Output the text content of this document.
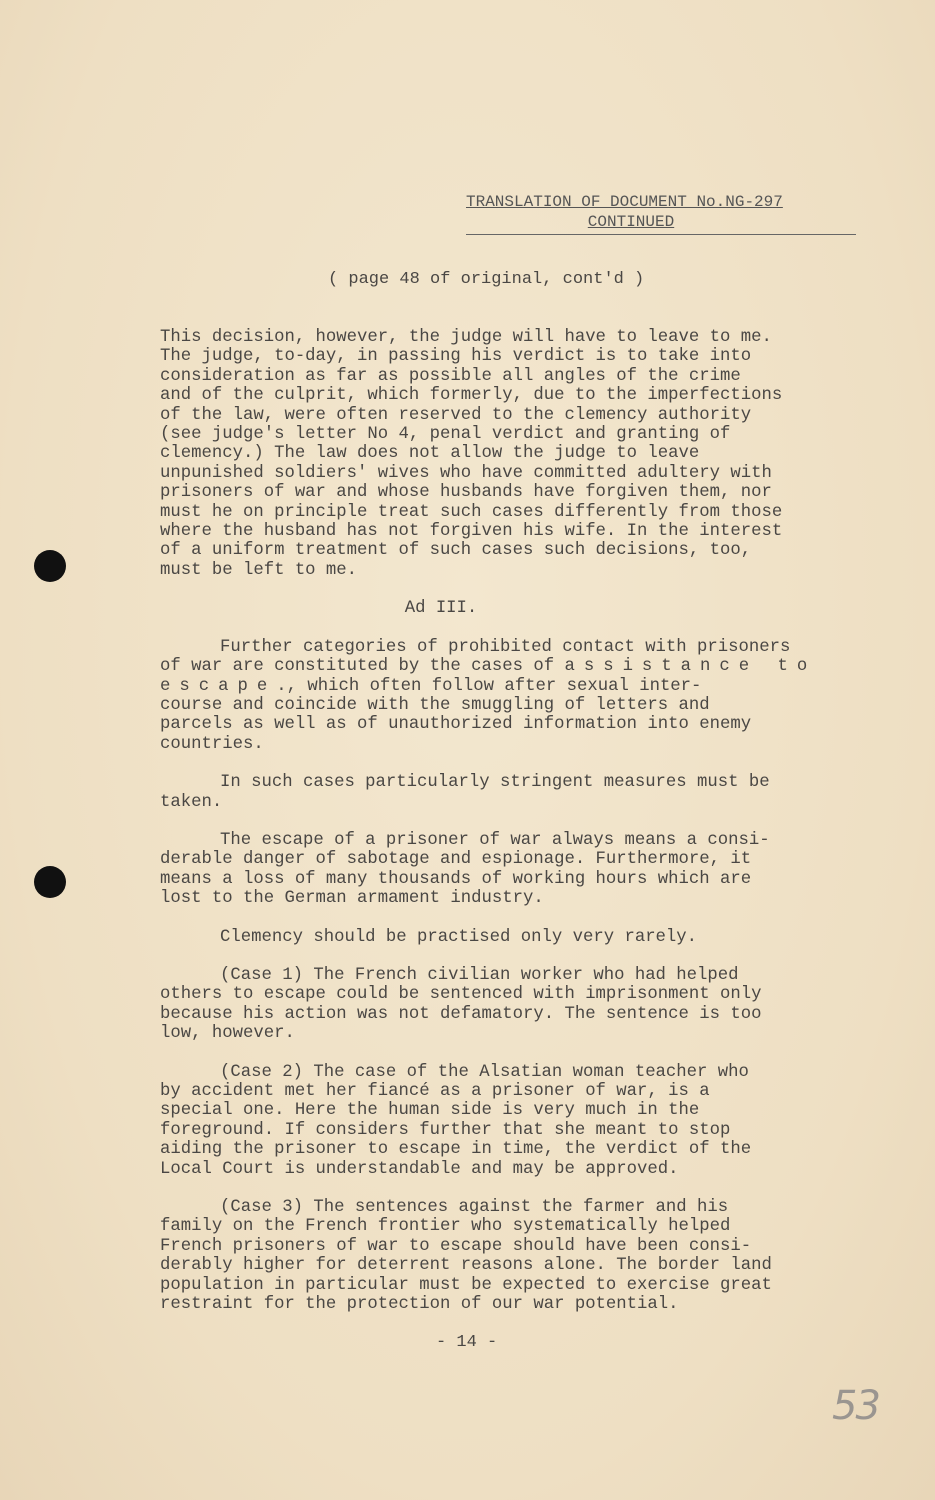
TRANSLATION OF DOCUMENT No.NG-297
CONTINUED
( page 48 of original, cont'd )

This decision, however, the judge will have to leave to me.
The judge, to-day, in passing his verdict is to take into
consideration as far as possible all angles of the crime
and of the culprit, which formerly, due to the imperfections
of the law, were often reserved to the clemency authority
(see judge's letter No 4, penal verdict and granting of
clemency.) The law does not allow the judge to leave
unpunished soldiers' wives who have committed adultery with
prisoners of war and whose husbands have forgiven them, nor
must he on principle treat such cases differently from those
where the husband has not forgiven his wife. In the interest
of a uniform treatment of such cases such decisions, too,
must be left to me.

Ad III.

Further categories of prohibited contact with prisoners
of war are constituted by the cases of assistance to escape., which often follow after sexual inter-
course and coincide with the smuggling of letters and
parcels as well as of unauthorized information into enemy
countries.

In such cases particularly stringent measures must be
taken.

The escape of a prisoner of war always means a consi-
derable danger of sabotage and espionage. Furthermore, it
means a loss of many thousands of working hours which are
lost to the German armament industry.

Clemency should be practised only very rarely.

(Case 1) The French civilian worker who had helped
others to escape could be sentenced with imprisonment only
because his action was not defamatory. The sentence is too
low, however.

(Case 2) The case of the Alsatian woman teacher who
by accident met her fiancé as a prisoner of war, is a
special one. Here the human side is very much in the
foreground. If considers further that she meant to stop
aiding the prisoner to escape in time, the verdict of the
Local Court is understandable and may be approved.

(Case 3) The sentences against the farmer and his
family on the French frontier who systematically helped
French prisoners of war to escape should have been consi-
derably higher for deterrent reasons alone. The border land
population in particular must be expected to exercise great
restraint for the protection of our war potential.

- 14 -
53
